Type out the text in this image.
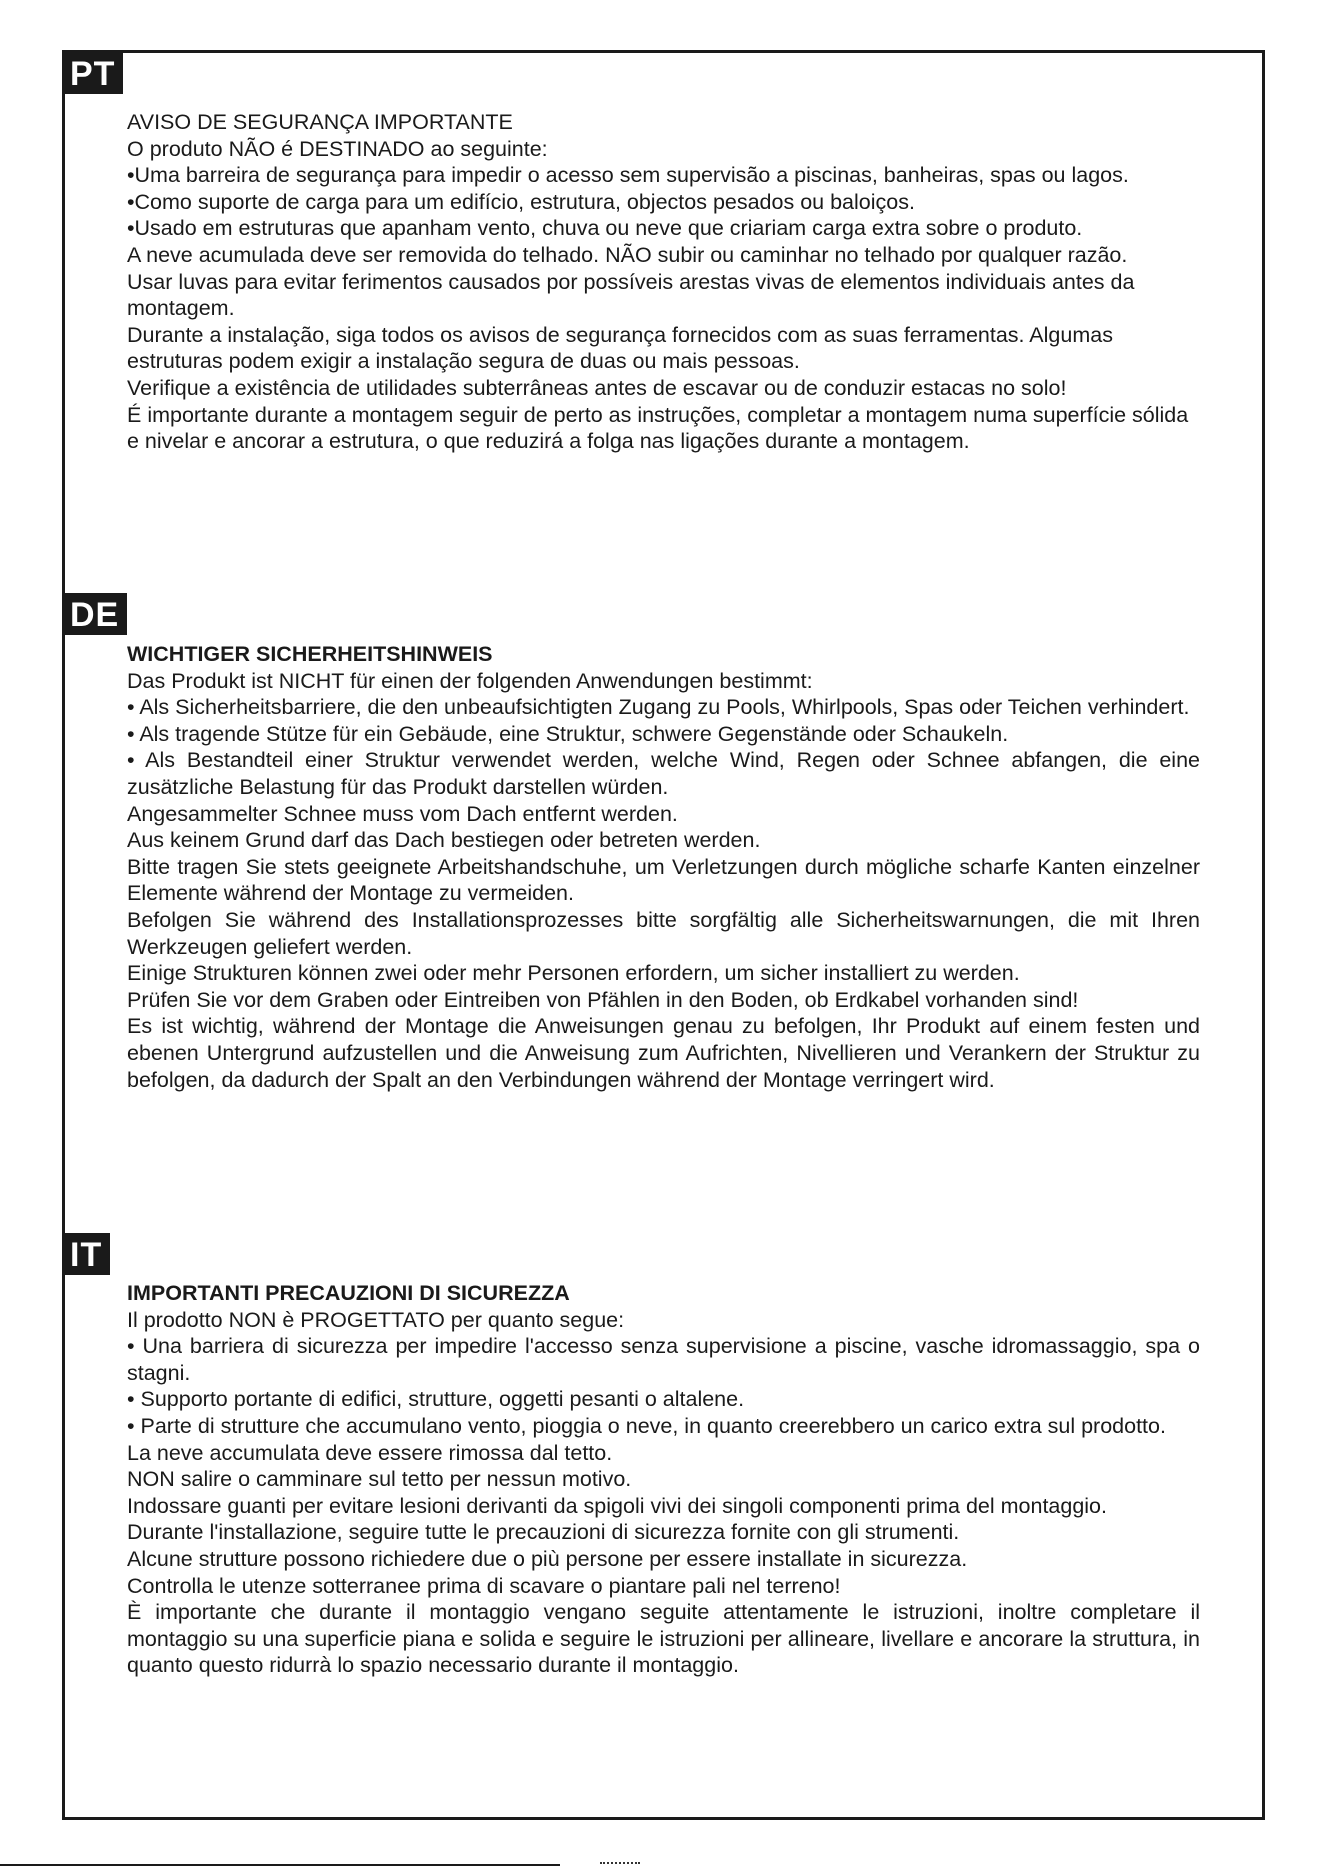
PT

AVISO DE SEGURANÇA IMPORTANTE

O produto NÃO é DESTINADO ao seguinte:

•Uma barreira de segurança para impedir o acesso sem supervisão a piscinas, banheiras, spas ou lagos.

•Como suporte de carga para um edifício, estrutura, objectos pesados ou baloiços.

•Usado em estruturas que apanham vento, chuva ou neve que criariam carga extra sobre o produto.

A neve acumulada deve ser removida do telhado. NÃO subir ou caminhar no telhado por qualquer razão.

Usar luvas para evitar ferimentos causados por possíveis arestas vivas de elementos individuais antes da montagem.

Durante a instalação, siga todos os avisos de segurança fornecidos com as suas ferramentas. Algumas estruturas podem exigir a instalação segura de duas ou mais pessoas.

Verifique a existência de utilidades subterrâneas antes de escavar ou de conduzir estacas no solo!

É importante durante a montagem seguir de perto as instruções, completar a montagem numa superfície sólida e nivelar e ancorar a estrutura, o que reduzirá a folga nas ligações durante a montagem.

DE

WICHTIGER SICHERHEITSHINWEIS

Das Produkt ist NICHT für einen der folgenden Anwendungen bestimmt:

• Als Sicherheitsbarriere, die den unbeaufsichtigten Zugang zu Pools, Whirlpools, Spas oder Teichen verhindert.

• Als tragende Stütze für ein Gebäude, eine Struktur, schwere Gegenstände oder Schaukeln.

• Als Bestandteil einer Struktur verwendet werden, welche Wind, Regen oder Schnee abfangen, die eine zusätzliche Belastung für das Produkt darstellen würden.

Angesammelter Schnee muss vom Dach entfernt werden.

Aus keinem Grund darf das Dach bestiegen oder betreten werden.

Bitte tragen Sie stets geeignete Arbeitshandschuhe, um Verletzungen durch mögliche scharfe Kanten einzelner Elemente während der Montage zu vermeiden.

Befolgen Sie während des Installationsprozesses bitte sorgfältig alle Sicherheitswarnungen, die mit Ihren Werkzeugen geliefert werden.

Einige Strukturen können zwei oder mehr Personen erfordern, um sicher installiert zu werden.

Prüfen Sie vor dem Graben oder Eintreiben von Pfählen in den Boden, ob Erdkabel vorhanden sind!

Es ist wichtig, während der Montage die Anweisungen genau zu befolgen, Ihr Produkt auf einem festen und ebenen Untergrund aufzustellen und die Anweisung zum Aufrichten, Nivellieren und Verankern der Struktur zu befolgen, da dadurch der Spalt an den Verbindungen während der Montage verringert wird.

IT

IMPORTANTI PRECAUZIONI DI SICUREZZA

Il prodotto NON è PROGETTATO per quanto segue:

• Una barriera di sicurezza per impedire l'accesso senza supervisione a piscine, vasche idromassaggio, spa o stagni.

• Supporto portante di edifici, strutture, oggetti pesanti o altalene.

• Parte di strutture che accumulano vento, pioggia o neve, in quanto creerebbero un carico extra sul prodotto.

La neve accumulata deve essere rimossa dal tetto.

NON salire o camminare sul tetto per nessun motivo.

Indossare guanti per evitare lesioni derivanti da spigoli vivi dei singoli componenti prima del montaggio.

Durante l'installazione, seguire tutte le precauzioni di sicurezza fornite con gli strumenti.

Alcune strutture possono richiedere due o più persone per essere installate in sicurezza.

Controlla le utenze sotterranee prima di scavare o piantare pali nel terreno!

È importante che durante il montaggio vengano seguite attentamente le istruzioni, inoltre completare il montaggio su una superficie piana e solida e seguire le istruzioni per allineare, livellare e ancorare la struttura, in quanto questo ridurrà lo spazio necessario durante il montaggio.
